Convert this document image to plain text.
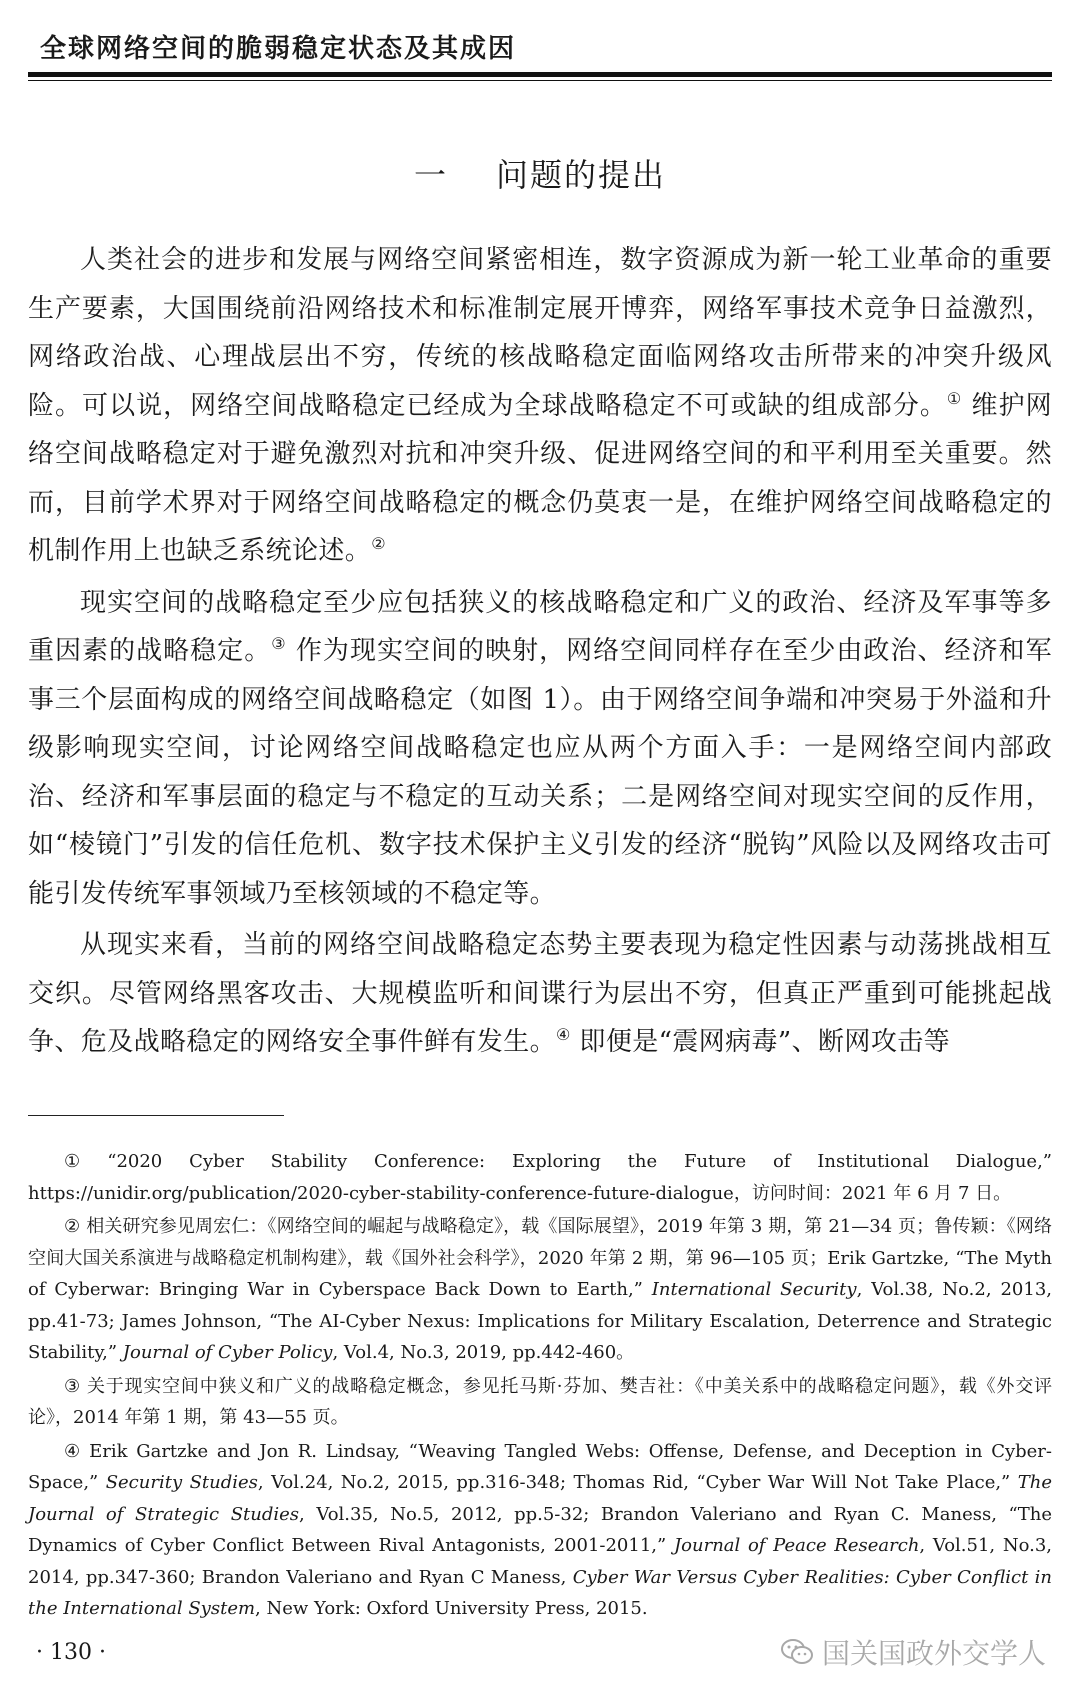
全球网络空间的脆弱稳定状态及其成因
一 问题的提出

人类社会的进步和发展与网络空间紧密相连，数字资源成为新一轮工业革命的重要生产要素，大国围绕前沿网络技术和标准制定展开博弈，网络军事技术竞争日益激烈，网络政治战、心理战层出不穷，传统的核战略稳定面临网络攻击所带来的冲突升级风险。可以说，网络空间战略稳定已经成为全球战略稳定不可或缺的组成部分。① 维护网络空间战略稳定对于避免激烈对抗和冲突升级、促进网络空间的和平利用至关重要。然而，目前学术界对于网络空间战略稳定的概念仍莫衷一是，在维护网络空间战略稳定的机制作用上也缺乏系统论述。②

现实空间的战略稳定至少应包括狭义的核战略稳定和广义的政治、经济及军事等多重因素的战略稳定。③ 作为现实空间的映射，网络空间同样存在至少由政治、经济和军事三个层面构成的网络空间战略稳定（如图 1）。由于网络空间争端和冲突易于外溢和升级影响现实空间，讨论网络空间战略稳定也应从两个方面入手：一是网络空间内部政治、经济和军事层面的稳定与不稳定的互动关系；二是网络空间对现实空间的反作用，如“棱镜门”引发的信任危机、数字技术保护主义引发的经济“脱钩”风险以及网络攻击可能引发传统军事领域乃至核领域的不稳定等。

从现实来看，当前的网络空间战略稳定态势主要表现为稳定性因素与动荡挑战相互交织。尽管网络黑客攻击、大规模监听和间谍行为层出不穷，但真正严重到可能挑起战争、危及战略稳定的网络安全事件鲜有发生。④ 即便是“震网病毒”、断网攻击等

① “2020 Cyber Stability Conference: Exploring the Future of Institutional Dialogue,” https://unidir.org/publication/2020-cyber-stability-conference-future-dialogue，访问时间：2021 年 6 月 7 日。
② 相关研究参见周宏仁：《网络空间的崛起与战略稳定》，载《国际展望》，2019 年第 3 期，第 21—34 页；鲁传颖：《网络空间大国关系演进与战略稳定机制构建》，载《国外社会科学》，2020 年第 2 期，第 96—105 页；Erik Gartzke, “The Myth of Cyberwar: Bringing War in Cyberspace Back Down to Earth,” International Security, Vol.38, No.2, 2013, pp.41-73; James Johnson, “The AI-Cyber Nexus: Implications for Military Escalation, Deterrence and Strategic Stability,” Journal of Cyber Policy, Vol.4, No.3, 2019, pp.442-460。
③ 关于现实空间中狭义和广义的战略稳定概念，参见托马斯·芬加、樊吉社：《中美关系中的战略稳定问题》，载《外交评论》，2014 年第 1 期，第 43—55 页。
④ Erik Gartzke and Jon R. Lindsay, “Weaving Tangled Webs: Offense, Defense, and Deception in Cyber-Space,” Security Studies, Vol.24, No.2, 2015, pp.316-348; Thomas Rid, “Cyber War Will Not Take Place,” The Journal of Strategic Studies, Vol.35, No.5, 2012, pp.5-32; Brandon Valeriano and Ryan C. Maness, “The Dynamics of Cyber Conflict Between Rival Antagonists, 2001-2011,” Journal of Peace Research, Vol.51, No.3, 2014, pp.347-360; Brandon Valeriano and Ryan C Maness, Cyber War Versus Cyber Realities: Cyber Conflict in the International System, New York: Oxford University Press, 2015.
· 130 ·	国关国政外交学人
